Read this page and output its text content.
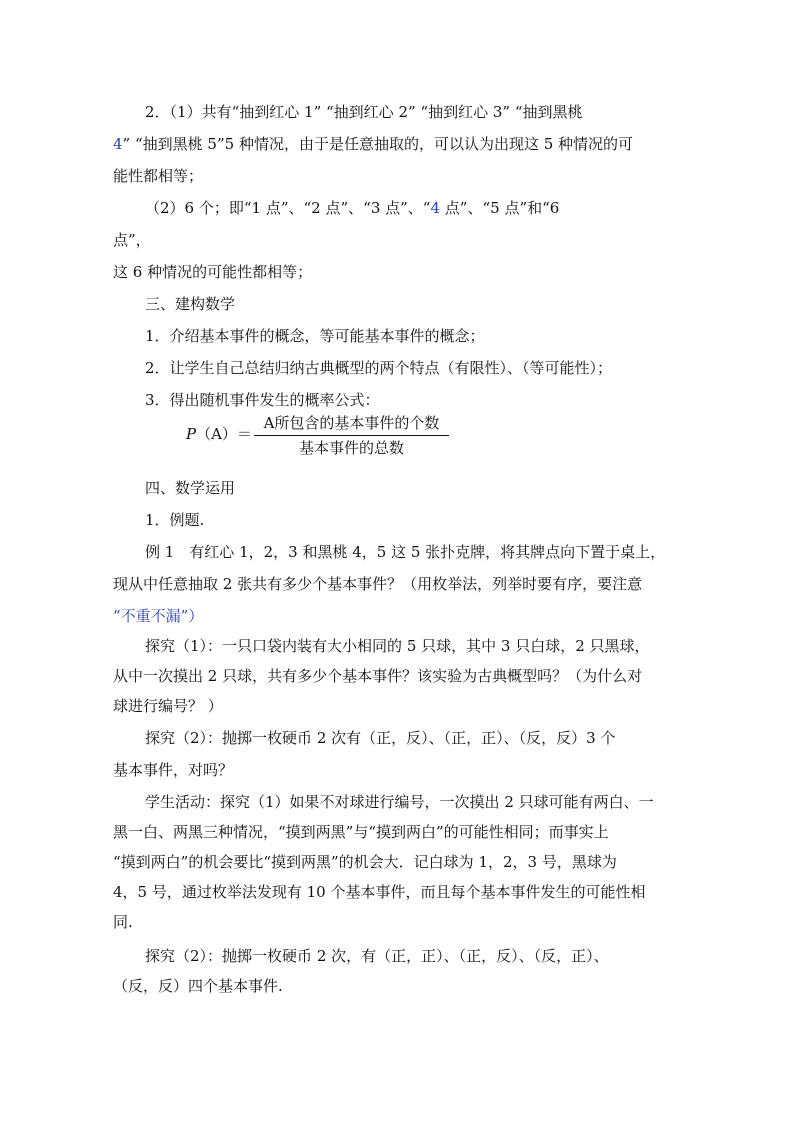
2．（1）共有“抽到红心 1” “抽到红心 2” “抽到红心 3” “抽到黑桃
4” “抽到黑桃 5”5 种情况，由于是任意抽取的，可以认为出现这 5 种情况的可
能性都相等；
（2）6 个；即“1 点”、“2 点”、“3 点”、“4 点”、“5 点”和“6
点”，
这 6 种情况的可能性都相等；
三、建构数学
1．介绍基本事件的概念，等可能基本事件的概念；
2．让学生自己总结归纳古典概型的两个特点（有限性）、（等可能性）；
3．得出随机事件发生的概率公式：
P（A）＝
A所包含的基本事件的个数
基本事件的总数
四、数学运用
1．例题.
例 1　有红心 1，2，3 和黑桃 4，5 这 5 张扑克牌，将其牌点向下置于桌上，
现从中任意抽取 2 张共有多少个基本事件？（用枚举法，列举时要有序，要注意
“不重不漏”）
探究（1）：一只口袋内装有大小相同的 5 只球，其中 3 只白球，2 只黑球，
从中一次摸出 2 只球，共有多少个基本事件？该实验为古典概型吗？（为什么对
球进行编号？ ）
探究（2）：抛掷一枚硬币 2 次有（正，反）、（正，正）、（反，反）3 个
基本事件，对吗？
学生活动：探究（1）如果不对球进行编号，一次摸出 2 只球可能有两白、一
黑一白、两黑三种情况，“摸到两黑”与“摸到两白”的可能性相同；而事实上
“摸到两白”的机会要比“摸到两黑”的机会大．记白球为 1，2，3 号，黑球为
4，5 号，通过枚举法发现有 10 个基本事件，而且每个基本事件发生的可能性相
同.
探究（2）：抛掷一枚硬币 2 次，有（正，正）、（正，反）、（反，正）、
（反，反）四个基本事件.
